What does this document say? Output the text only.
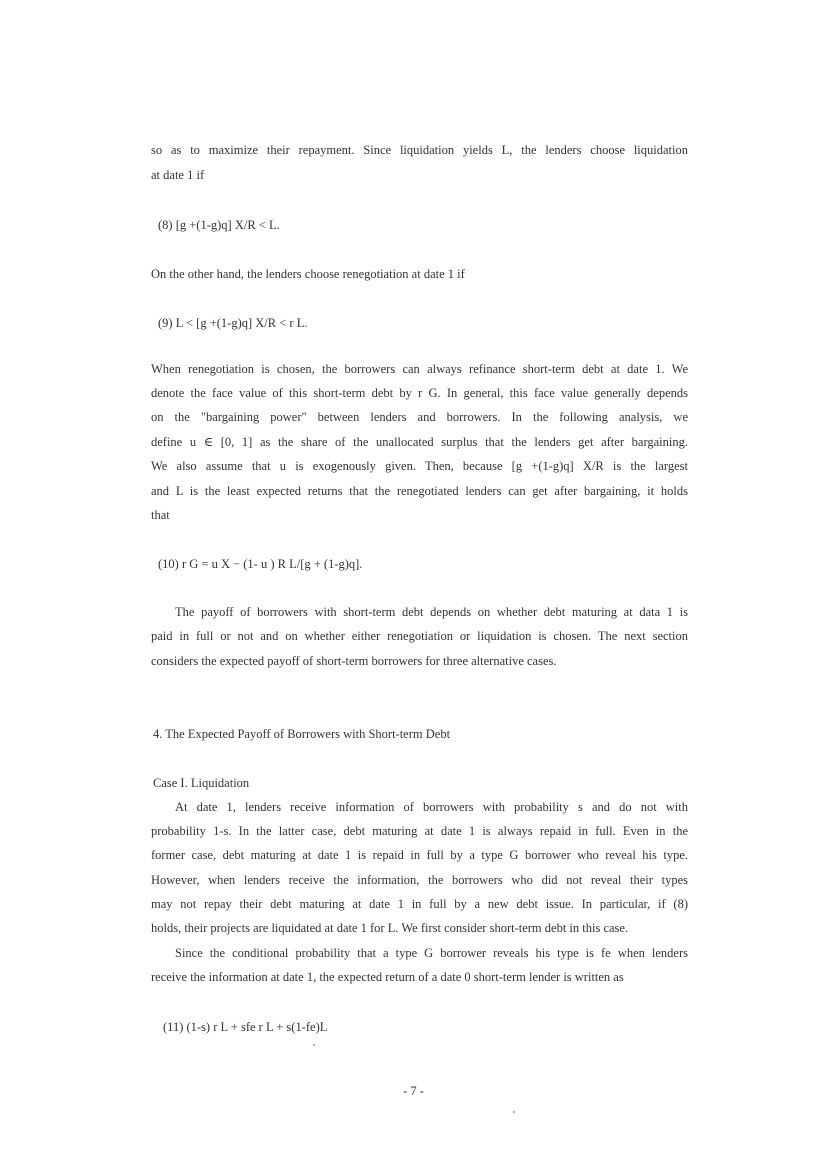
so as to maximize their repayment. Since liquidation yields L, the lenders choose liquidation
at date 1 if
(8) [g +(1-g)q] X/R < L.
On the other hand, the lenders choose renegotiation at date 1 if
(9) L < [g +(1-g)q] X/R < r L.
When renegotiation is chosen, the borrowers can always refinance short-term debt at date 1. We
denote the face value of this short-term debt by r G. In general, this face value generally depends
on the "bargaining power" between lenders and borrowers. In the following analysis, we
define u ∈ [0, 1] as the share of the unallocated surplus that the lenders get after bargaining.
We also assume that u is exogenously given. Then, because [g +(1-g)q] X/R is the largest
and L is the least expected returns that the renegotiated lenders can get after bargaining, it holds
that
(10) r G = u X − (1- u ) R L/[g + (1-g)q].
The payoff of borrowers with short-term debt depends on whether debt maturing at data 1 is
paid in full or not and on whether either renegotiation or liquidation is chosen. The next section
considers the expected payoff of short-term borrowers for three alternative cases.
4. The Expected Payoff of Borrowers with Short-term Debt
Case I. Liquidation
At date 1, lenders receive information of borrowers with probability s and do not with
probability 1-s. In the latter case, debt maturing at date 1 is always repaid in full. Even in the
former case, debt maturing at date 1 is repaid in full by a type G borrower who reveal his type.
However, when lenders receive the information, the borrowers who did not reveal their types
may not repay their debt maturing at date 1 in full by a new debt issue. In particular, if (8)
holds, their projects are liquidated at date 1 for L. We first consider short-term debt in this case.
Since the conditional probability that a type G borrower reveals his type is fe when lenders
receive the information at date 1, the expected return of a date 0 short-term lender is written as
(11) (1-s) r L + sfe r L + s(1-fe)L
- 7 -
